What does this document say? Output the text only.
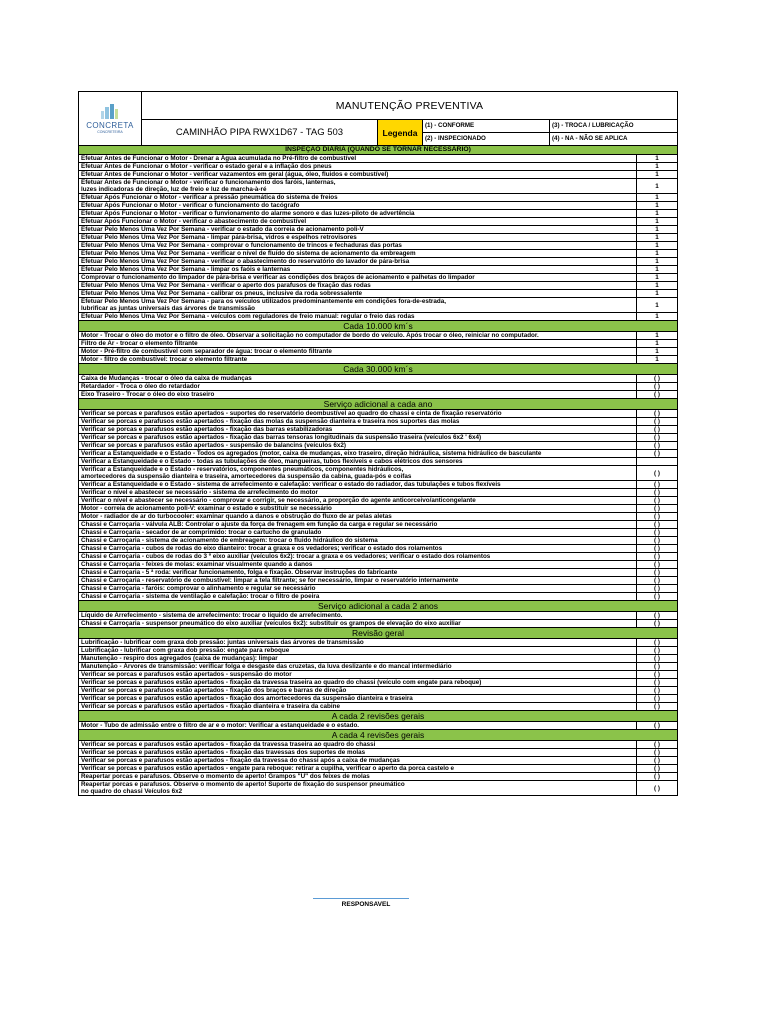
CONCRETA
CONCRETEIRA
MANUTENÇÃO PREVENTIVA
CAMINHÃO PIPA RWX1D67 - TAG 503	Legenda
(1) - CONFORME	(3) - TROCA / LUBRICAÇÃO
(2) - INSPECIONADO	(4) - NA - NÃO SE APLICA
INSPEÇÃO DIÁRIA (QUANDO SE TORNAR NECESSÁRIO)
Efetuar Antes de Funcionar o Motor - Drenar a Água acumulada no Pré-filtro de combustível	1
Efetuar Antes de Funcionar o Motor - verificar o estado geral e a inflação dos pneus	1
Efetuar Antes de Funcionar o Motor - verificar vazamentos em geral (água, óleo, fluidos e combustível)	1
Efetuar Antes de Funcionar o Motor - verificar o funcionamento dos faróis, lanternas,
luzes indicadoras de direção, luz de freio e luz de marcha-à-ré	1
Efetuar Após Funcionar o Motor - verificar a pressão pneumática do sistema de freios	1
Efetuar Após Funcionar o Motor - verificar o funcionamento do tacógrafo	1
Efetuar Após Funcionar o Motor - verificar o funvionamento do alarme sonoro e das luzes-piloto de advertência	1
Efetuar Após Funcionar o Motor - verificar o abastecimento de combustível	1
Efetuar Pelo Menos Uma Vez Por Semana - verificar o estado da correia de acionamento poli-V	1
Efetuar Pelo Menos Uma Vez Por Semana - limpar pára-brisa, vidros e espelhos retrovisores	1
Efetuar Pelo Menos Uma Vez Por Semana - comprovar o funcionamento de trincos e fechaduras das portas	1
Efetuar Pelo Menos Uma Vez Por Semana - verificar o nível de fluído do sistema de acionamento da embreagem	1
Efetuar Pelo Menos Uma Vez Por Semana - verificar o abastecimento do reservatório do lavador de pára-brisa	1
Efetuar Pelo Menos Uma Vez Por Semana - limpar os faóis e lanternas	1
Comprovar o funcionamento do limpador de pára-brisa e verificar as condições dos braços de acionamento e palhetas do limpador	1
Efetuar Pelo Menos Uma Vez Por Semana - verificar o aperto dos parafusos de fixação das rodas	1
Efetuar Pelo Menos Uma Vez Por Semana - calibrar os pneus, inclusive da roda sobressalente	1
Efetuar Pelo Menos Uma Vez Por Semana - para os veículos utilizados predominantemente em condições fora-de-estrada,
lubrificar as juntas universais das árvores de transmissão	1
Efetuar Pelo Menos Uma Vez Por Semana - veículos com reguladores de freio manual: regular o freio das rodas	1
Cada 10.000 km´s
Motor - Trocar o óleo do motor e o filtro de óleo. Observar a solicitação no computador de bordo do veículo. Após trocar o óleo, reiniciar no computador.	1
Filtro de Ar - trocar o elemento filtrante	1
Motor - Pré-filtro de combustível com separador de água: trocar o elemento filtrante	1
Motor - filtro de combustível: trocar o elemento filtrante	1
Cada 30.000 km´s
Caixa de Mudanças - trocar o óleo da caixa de mudanças	( )
Retardador - Troca o óleo do retardador	( )
Eixo Traseiro - Trocar o óleo do eixo traseiro	( )
Serviço adicional a cada ano
Verificar se porcas e parafusos estão apertados - suportes do reservatório deombustível ao quadro do chassi e cinta de fixação reservatório	( )
Verificar se porcas e parafusos estão apertados - fixação das molas da suspensão dianteira e traseira nos suportes das molas	( )
Verificar se porcas e parafusos estão apertados - fixação das barras estabilizadoras	( )
Verificar se porcas e parafusos estão apertados - fixação das barras tensoras longitudinais da suspensão traseira (veículos 6x2 ' 6x4)	( )
Verificar se porcas e parafusos estão apertados - suspensão de balancins (veículos 6x2)	( )
Verificar a Estanqueidade e o Estado - Todos os agregados (motor, caixa de mudanças, eixo traseiro, direção hidráulica, sistema hidráulico de basculante	( )
Verificar a Estanqueidade e o Estado - todas as tubulações de óleo, mangueiras, tubos flexíveis e cabos elétricos dos sensores
Verificar a Estanqueidade e o Estado - reservatórios, componentes pneumáticos, componentes hidráulicos,
amortecedores da suspensão dianteira e traseira, amortecedores da suspensão da cabina, guada-pós e coifas	( )
Verificar a Estanqueidade e o Estado - sistema de arrefecimento e calefação: verificar o estado do radiador, das tubulações e tubos flexíveis	( )
Verificar o nível e abastecer se necessário - sistema de arrefecimento do motor	( )
Verificar o nível e abastecer se necessário - comprovar e corrigir, se necessário, a proporção do agente anticorceivo/anticongelante	( )
Motor - correia de acionamento poli-V: examinar o estado e substituir se necessário	( )
Motor - radiador de ar do turbocooler: examinar quando a danos e obstrução do fluxo de ar pelas aletas	( )
Chassi e Carroçaria - válvula ALB: Controlar o ajuste da força de frenagem em função da carga e regular se necessário	( )
Chassi e Carroçaria - secador de ar comprimido: trocar o cartucho de granulado	( )
Chassi e Carroçaria - sistema de acionamento de embreagem: trocar o fluido hidráulico do sistema	( )
Chassi e Carroçaria - cubos de rodas do eixo dianteiro: trocar a graxa e os vedadores; verificar o estado dos rolamentos	( )
Chassi e Carroçaria - cubos de rodas do 3 º eixo auxiliar (veículos 6x2): trocar a graxa e os vedadores; verificar o estado dos rolamentos	( )
Chassi e Carroçaria - feixes de molas: examinar visualmente quando a danos	( )
Chassi e Carroçaria - 5 ª roda: verificar funcionamento, folga e fixação. Observar instruções do fabricante	( )
Chassi e Carroçaria - reservatório de combustível: limpar a tela filtrante; se for necessário, limpar o reservatório internamente	( )
Chassi e Carroçaria - faróis: comprovar o alinhamento e regular se necessário	( )
Chassi e Carroçaria - sistema de ventilação e calefação: trocar o filtro de poeira	( )
Serviço adicional a cada 2 anos
Líquido de Arrefecimento - sistema de arrefecimento: trocar o líquido de arrefecimento.	( )
Chassi e Carroçaria - suspensor pneumático do eixo auxiliar (veículos 6x2): substituir os grampos de elevação do eixo auxiliar	( )
Revisão geral
Lubrificação - lubrificar com graxa dob pressão: juntas universais das árvores de transmissão	( )
Lubrificação - lubrificar com graxa dob pressão: engate para reboque	( )
Manutenção - respiro dos agregados (caixa de mudanças): limpar	( )
Manutenção - Árvores de transmissão: verificar folga e desgaste das cruzetas, da luva deslizante e do mancal intermediário	( )
Verificar se porcas e parafusos estão apertados - suspensão do motor	( )
Verificar se porcas e parafusos estão apertados - fixação da travessa traseira ao quadro do chassi (veículo com engate para reboque)	( )
Verificar se porcas e parafusos estão apertados - fixação dos braços e barras de direção	( )
Verificar se porcas e parafusos estão apertados - fixação dos amortecedores da suspensão dianteira e traseira	( )
Verificar se porcas e parafusos estão apertados - fixação dianteira e traseira da cabine	( )
A cada 2 revisões gerais
Motor - Tubo de admissão entre o filtro de ar e o motor: Verificar a estanqueidade e o estado.	( )
A cada 4 revisões gerais
Verificar se porcas e parafusos estão apertados - fixação da travessa traseira ao quadro do chassi	( )
Verificar se porcas e parafusos estão apertados - fixação das travessas dos suportes de molas	( )
Verificar se porcas e parafusos estão apertados - fixação da travessa do chassi após a caixa de mudanças	( )
Verificar se porcas e parafusos estão apertados - engate para reboque: retirar a cupilha, verificar o aperto da porca castelo e	( )
Reapertar porcas e parafusos. Observe o momento de aperto! Grampos "U" dos feixes de molas	( )
Reapertar porcas e parafusos. Observe o momento de aperto! Suporte de fixação do suspensor pneumático
no quadro do chassi Veículos 6x2	( )
RESPONSAVEL
